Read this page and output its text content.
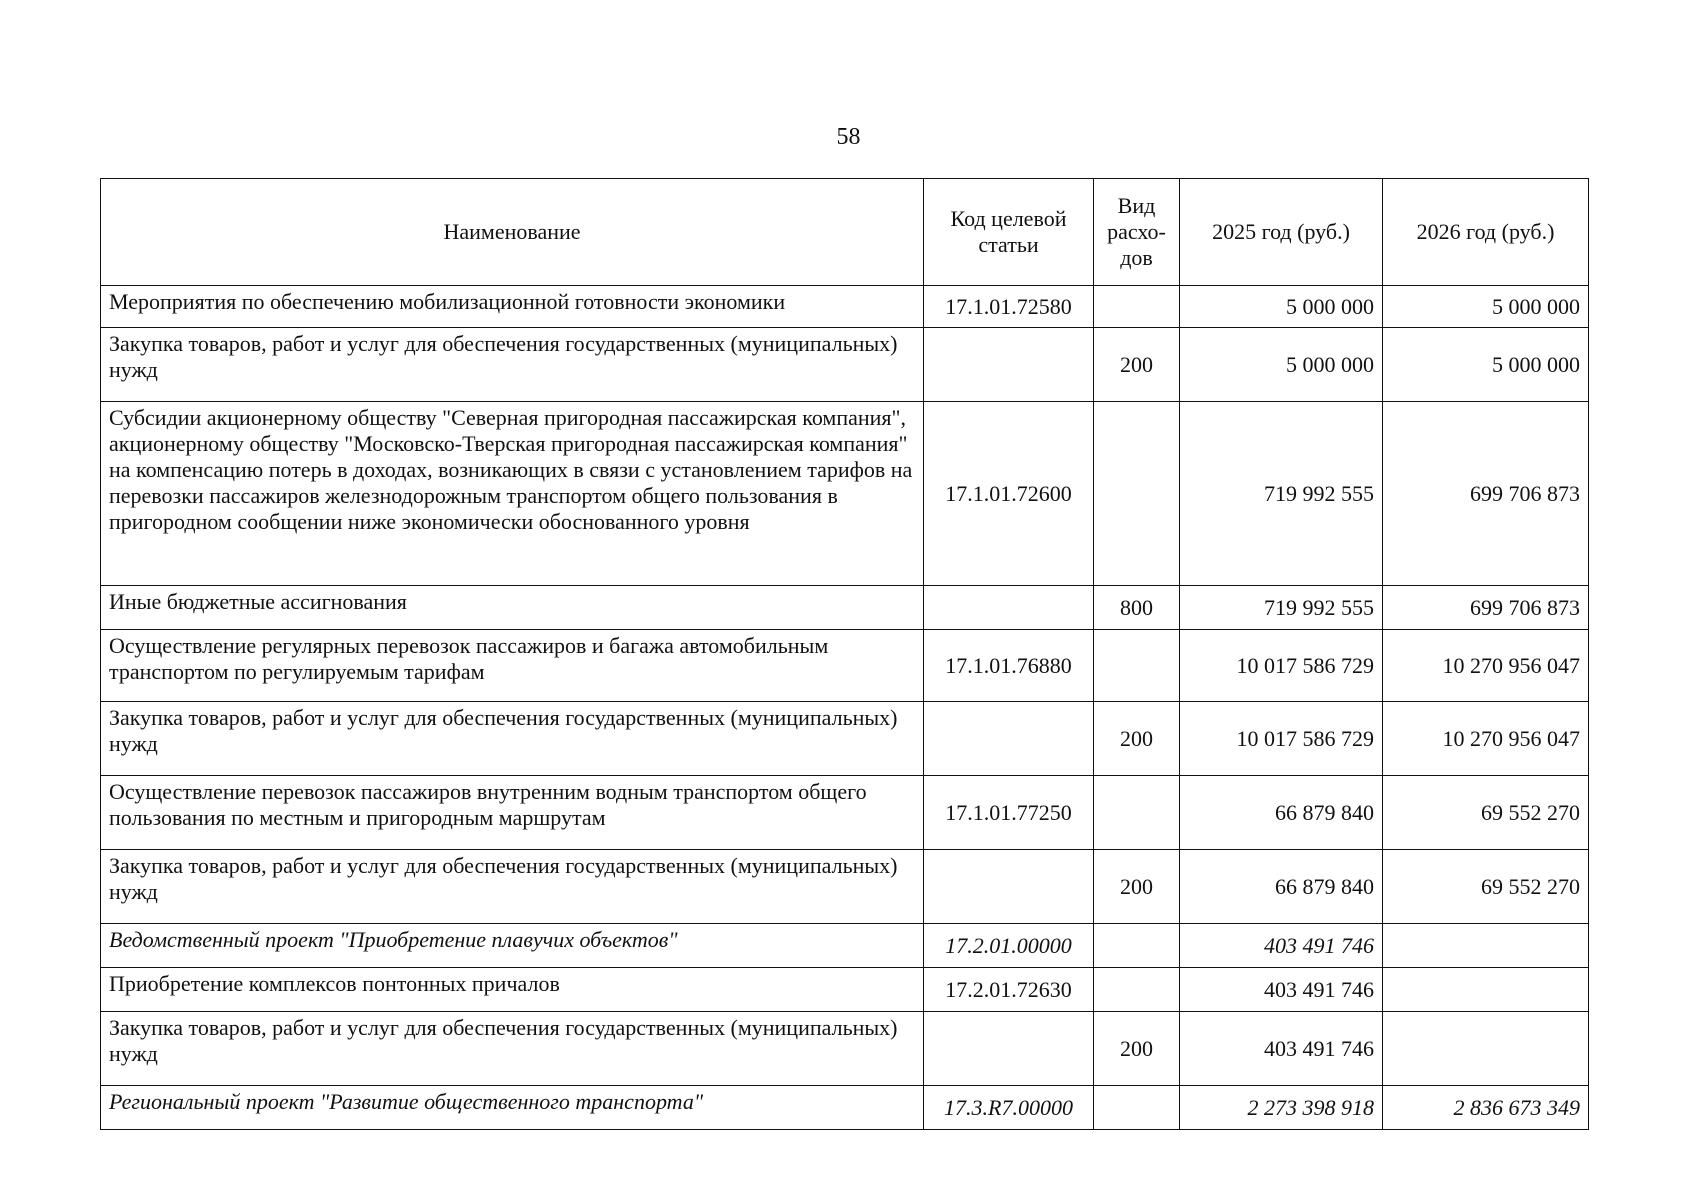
58
Наименование	Код целевой статьи	Вид расхо-дов	2025 год (руб.)	2026 год (руб.)
Мероприятия по обеспечению мобилизационной готовности экономики	17.1.01.72580		5 000 000	5 000 000
Закупка товаров, работ и услуг для обеспечения государственных (муниципальных) нужд		200	5 000 000	5 000 000
Субсидии акционерному обществу "Северная пригородная пассажирская компания", акционерному обществу "Московско-Тверская пригородная пассажирская компания" на компенсацию потерь в доходах, возникающих в связи с установлением тарифов на перевозки пассажиров железнодорожным транспортом общего пользования в пригородном сообщении ниже экономически обоснованного уровня	17.1.01.72600		719 992 555	699 706 873
Иные бюджетные ассигнования		800	719 992 555	699 706 873
Осуществление регулярных перевозок пассажиров и багажа автомобильным транспортом по регулируемым тарифам	17.1.01.76880		10 017 586 729	10 270 956 047
Закупка товаров, работ и услуг для обеспечения государственных (муниципальных) нужд		200	10 017 586 729	10 270 956 047
Осуществление перевозок пассажиров внутренним водным транспортом общего пользования по местным и пригородным маршрутам	17.1.01.77250		66 879 840	69 552 270
Закупка товаров, работ и услуг для обеспечения государственных (муниципальных) нужд		200	66 879 840	69 552 270
Ведомственный проект "Приобретение плавучих объектов"	17.2.01.00000		403 491 746	
Приобретение комплексов понтонных причалов	17.2.01.72630		403 491 746	
Закупка товаров, работ и услуг для обеспечения государственных (муниципальных) нужд		200	403 491 746	
Региональный проект "Развитие общественного транспорта"	17.3.R7.00000		2 273 398 918	2 836 673 349
